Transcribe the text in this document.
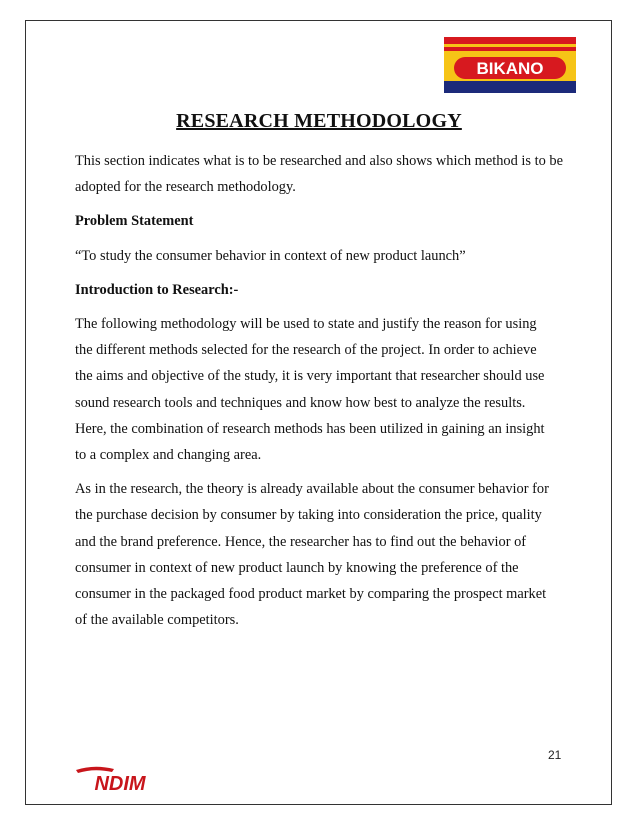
BIKANO
RESEARCH METHODOLOGY
This section indicates what is to be researched and also shows which method is to be
adopted for the research methodology.
Problem Statement
“To study the consumer behavior in context of new product launch”
Introduction to Research:-
The following methodology will be used to state and justify the reason for using
the different methods selected for the research of the project. In order to achieve
the aims and objective of the study, it is very important that researcher should use
sound research tools and techniques and know how best to analyze the results.
Here, the combination of research methods has been utilized in gaining an insight
to a complex and changing area.
As in the research, the theory is already available about the consumer behavior for
the purchase decision by consumer by taking into consideration the price, quality
and the brand preference. Hence, the researcher has to find out the behavior of
consumer in context of new product launch by knowing the preference of the
consumer in the packaged food product market by comparing the prospect market
of the available competitors.
21
NDIM
